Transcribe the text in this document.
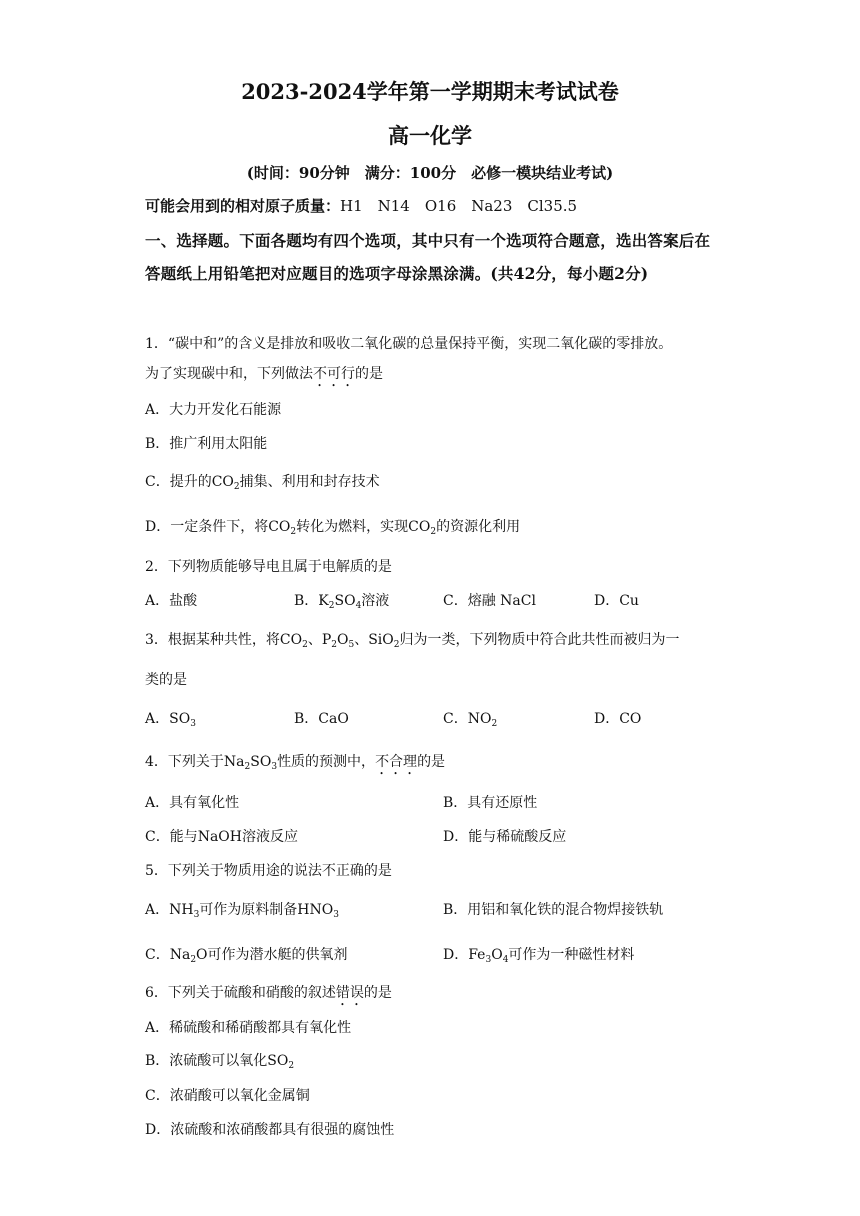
2023-2024学年第一学期期末考试试卷
高一化学
(时间：90分钟　满分：100分　必修一模块结业考试)
可能会用到的相对原子质量：H1　N14　O16　Na23　Cl35.5
一、选择题。下面各题均有四个选项，其中只有一个选项符合题意，选出答案后在答题纸上用铅笔把对应题目的选项字母涂黑涂满。(共42分，每小题2分)
1．“碳中和”的含义是排放和吸收二氧化碳的总量保持平衡，实现二氧化碳的零排放。
为了实现碳中和，下列做法不可行的是
A．大力开发化石能源
B．推广利用太阳能
C．提升的$CO_2$捕集、利用和封存技术
D．一定条件下，将$CO_2$转化为燃料，实现$CO_2$的资源化利用
2．下列物质能够导电且属于电解质的是
A．盐酸	B．$K_2SO_4$溶液	C．熔融 NaCl	D．Cu
3．根据某种共性，将$CO_2$、$P_2O_5$、SiO$_2$归为一类，下列物质中符合此共性而被归为一
类的是
A．$SO_3$	B．CaO	C．$NO_2$	D．CO
4．下列关于$Na_2SO_3$性质的预测中，不合理的是
A．具有氧化性	B．具有还原性
C．能与NaOH溶液反应	D．能与稀硫酸反应
5．下列关于物质用途的说法不正确的是
A．$NH_3$可作为原料制备$HNO_3$	B．用铝和氧化铁的混合物焊接铁轨
C．$Na_2O$可作为潜水艇的供氧剂	D．$Fe_3O_4$可作为一种磁性材料
6．下列关于硫酸和硝酸的叙述错误的是
A．稀硫酸和稀硝酸都具有氧化性
B．浓硫酸可以氧化$SO_2$
C．浓硝酸可以氧化金属铜
D．浓硫酸和浓硝酸都具有很强的腐蚀性
